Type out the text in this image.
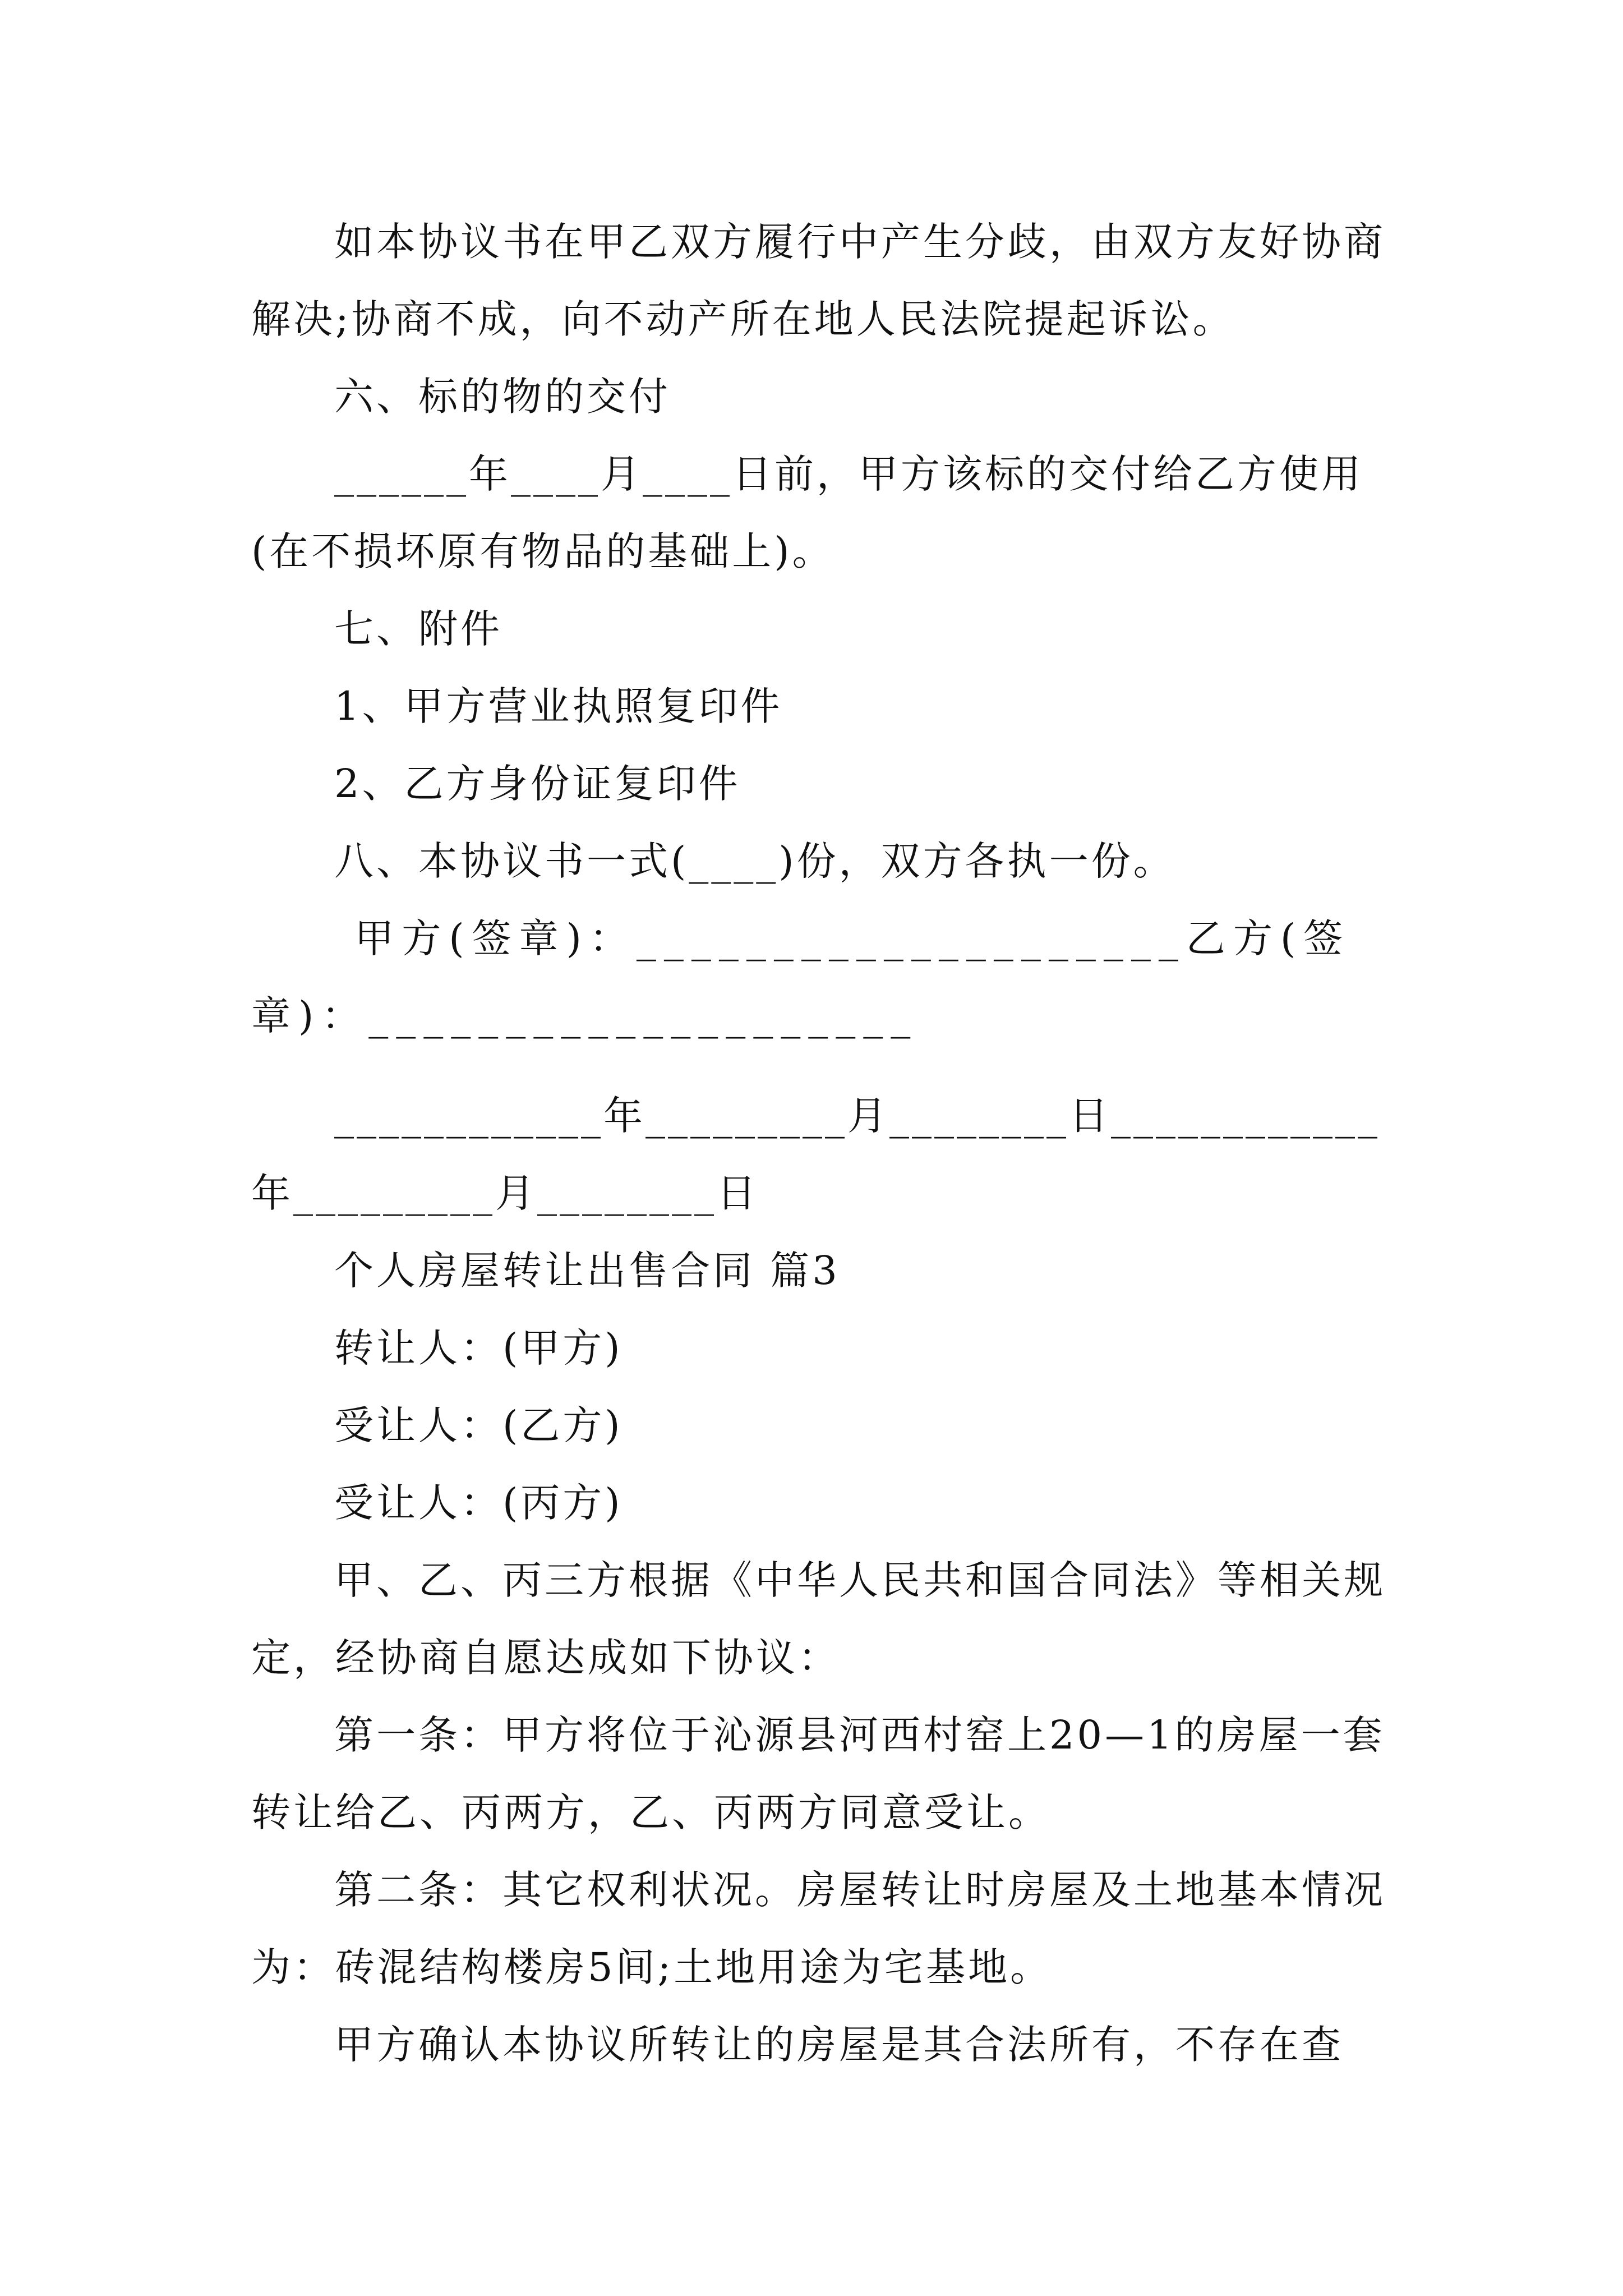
如本协议书在甲乙双方履行中产生分歧，由双方友好协商解决;协商不成，向不动产所在地人民法院提起诉讼。

六、标的物的交付

______年____月____日前，甲方该标的交付给乙方使用(在不损坏原有物品的基础上)。

七、附件

1、甲方营业执照复印件

2、乙方身份证复印件

八、本协议书一式(____)份，双方各执一份。

甲方(签章)：____________________乙方(签章)：____________________

____________年_________月________日____________年_________月________日

个人房屋转让出售合同 篇3

转让人：(甲方)

受让人：(乙方)

受让人：(丙方)

甲、乙、丙三方根据《中华人民共和国合同法》等相关规定，经协商自愿达成如下协议：

第一条：甲方将位于沁源县河西村窑上20—1的房屋一套转让给乙、丙两方，乙、丙两方同意受让。

第二条：其它权利状况。房屋转让时房屋及土地基本情况为：砖混结构楼房5间;土地用途为宅基地。

甲方确认本协议所转让的房屋是其合法所有，不存在查
